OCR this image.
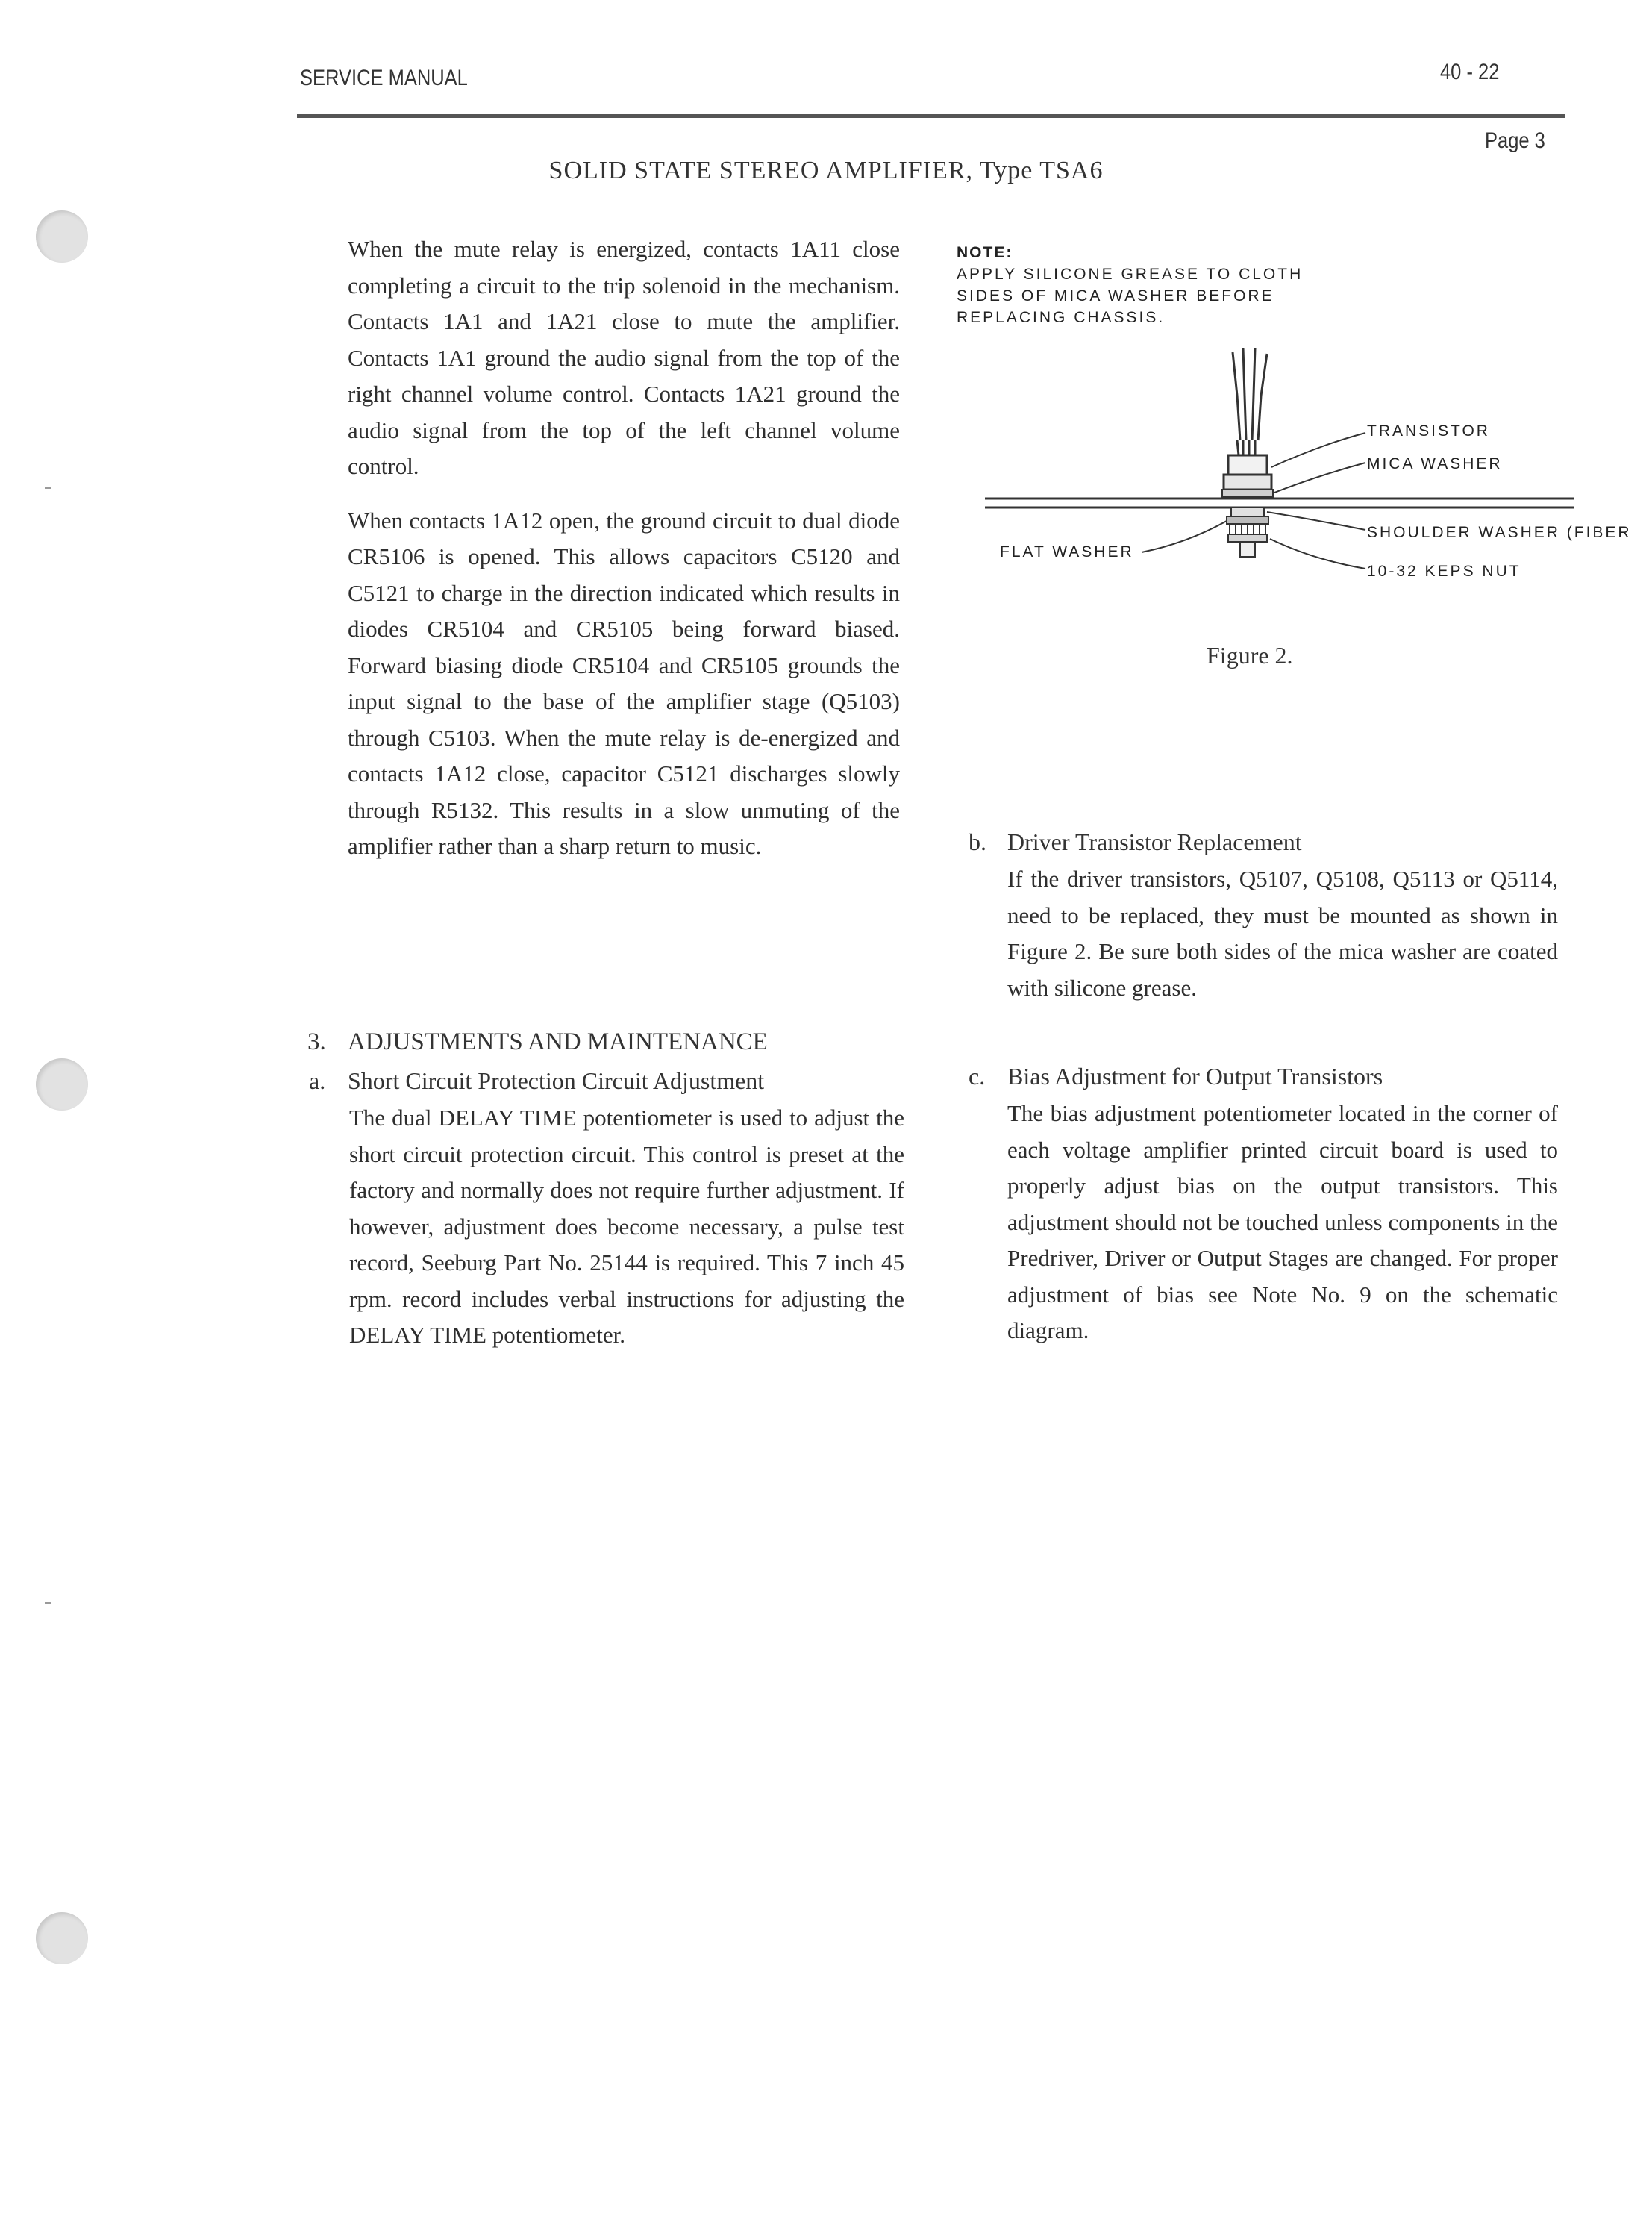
SERVICE MANUAL	40 - 22
Page 3
SOLID STATE STEREO AMPLIFIER, Type TSA6

When the mute relay is energized, contacts 1A11 close completing a circuit to the trip solenoid in the mechanism. Contacts 1A1 and 1A21 close to mute the amplifier. Contacts 1A1 ground the audio signal from the top of the right channel volume control. Contacts 1A21 ground the audio signal from the top of the left channel volume control.

When contacts 1A12 open, the ground circuit to dual diode CR5106 is opened. This allows capacitors C5120 and C5121 to charge in the direction indicated which results in diodes CR5104 and CR5105 being forward biased. Forward biasing diode CR5104 and CR5105 grounds the input signal to the base of the amplifier stage (Q5103) through C5103. When the mute relay is de-energized and contacts 1A12 close, capacitor C5121 discharges slowly through R5132. This results in a slow unmuting of the amplifier rather than a sharp return to music.

3. ADJUSTMENTS AND MAINTENANCE
a. Short Circuit Protection Circuit Adjustment

The dual DELAY TIME potentiometer is used to adjust the short circuit protection circuit. This control is preset at the factory and normally does not require further adjustment. If however, adjustment does become necessary, a pulse test record, Seeburg Part No. 25144 is required. This 7 inch 45 rpm. record includes verbal instructions for adjusting the DELAY TIME potentiometer.

NOTE:
APPLY SILICONE GREASE TO CLOTH SIDES OF MICA WASHER BEFORE REPLACING CHASSIS.
TRANSISTOR
MICA WASHER
SHOULDER WASHER (FIBER
FLAT WASHER
10-32 KEPS NUT
Figure 2.
b. Driver Transistor Replacement

If the driver transistors, Q5107, Q5108, Q5113 or Q5114, need to be replaced, they must be mounted as shown in Figure 2. Be sure both sides of the mica washer are coated with silicone grease.

c. Bias Adjustment for Output Transistors

The bias adjustment potentiometer located in the corner of each voltage amplifier printed circuit board is used to properly adjust bias on the output transistors. This adjustment should not be touched unless components in the Predriver, Driver or Output Stages are changed. For proper adjustment of bias see Note No. 9 on the schematic diagram.
